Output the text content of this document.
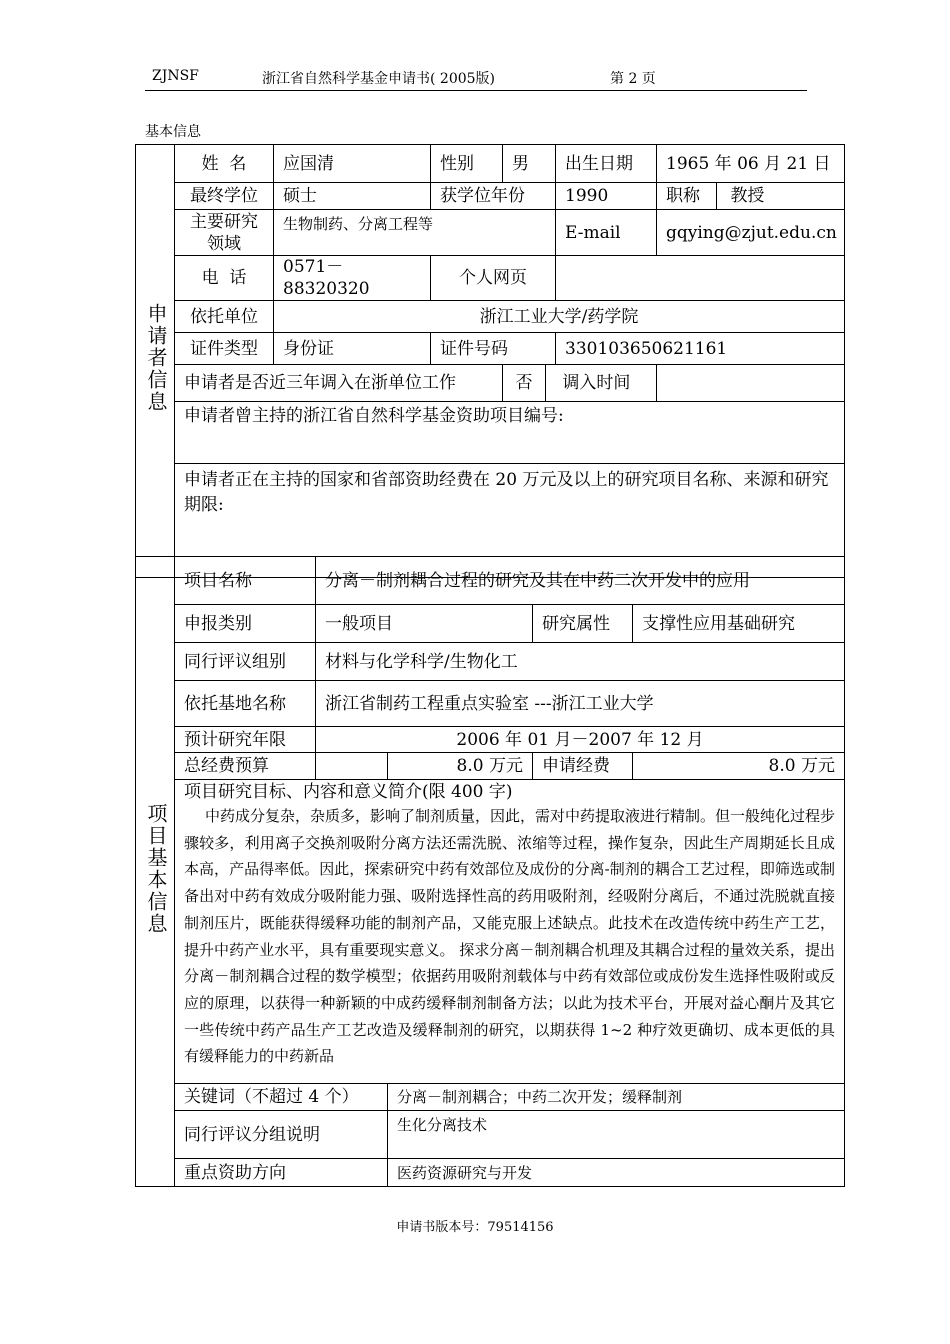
ZJNSF	浙江省自然科学基金申请书( 2005版)	第 2 页
基本信息
申请者信息	姓  名	应国清	性别	男	出生日期	1965 年 06 月 21 日
	最终学位	硕士	获学位年份		1990	职称 教授
	主要研究领域	生物制药、分离工程等			E-mail	gqying@zjut.edu.cn
	电  话	0571－88320320	个人网页			
	依托单位	浙江工业大学/药学院				
	证件类型	身份证	证件号码		330103650621161	
	申请者是否近三年调入在浙单位工作			否 调入时间		
	申请者曾主持的浙江省自然科学基金资助项目编号:					
	申请者正在主持的国家和省部资助经费在 20 万元及以上的研究项目名称、来源和研究期限:					
项目基本信息	项目名称	分离－制剂耦合过程的研究及其在中药二次开发中的应用			
	申报类别	一般项目		研究属性	支撑性应用基础研究
	同行评议组别	材料与化学科学/生物化工			
	依托基地名称	浙江省制药工程重点实验室 ---浙江工业大学			
	预计研究年限	2006 年 01 月－2007 年 12 月			
	总经费预算		8.0 万元	申请经费	8.0 万元

	项目研究目标、内容和意义简介(限 400 字)

中药成分复杂，杂质多，影响了制剂质量，因此，需对中药提取液进行精制。但一般纯化过程步骤较多，利用离子交换剂吸附分离方法还需洗脱、浓缩等过程，操作复杂，因此生产周期延长且成本高，产品得率低。因此，探索研究中药有效部位及成份的分离-制剂的耦合工艺过程，即筛选或制备出对中药有效成分吸附能力强、吸附选择性高的药用吸附剂，经吸附分离后，不通过洗脱就直接制剂压片，既能获得缓释功能的制剂产品，又能克服上述缺点。此技术在改造传统中药生产工艺，提升中药产业水平，具有重要现实意义。 探求分离－制剂耦合机理及其耦合过程的量效关系，提出分离－制剂耦合过程的数学模型；依据药用吸附剂载体与中药有效部位或成份发生选择性吸附或反应的原理，以获得一种新颖的中成药缓释制剂制备方法；以此为技术平台，开展对益心酮片及其它一些传统中药产品生产工艺改造及缓释制剂的研究，以期获得 1~2 种疗效更确切、成本更低的具有缓释能力的中药新品				

	关键词（不超过 4 个）		分离－制剂耦合；中药二次开发；缓释制剂		
	同行评议分组说明		生化分离技术		
	重点资助方向		医药资源研究与开发		
申请书版本号：79514156
